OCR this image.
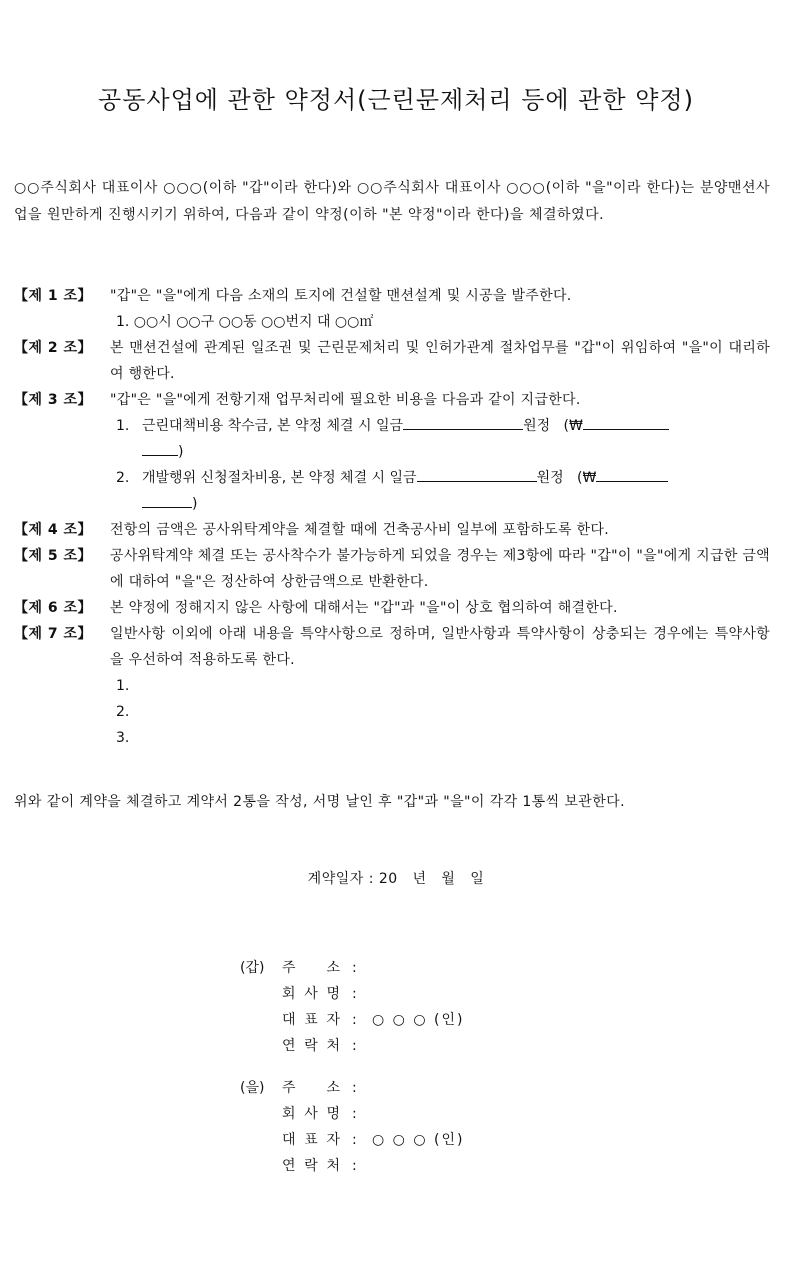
공동사업에 관한 약정서(근린문제처리 등에 관한 약정)

○○주식회사 대표이사 ○○○(이하 "갑"이라 한다)와 ○○주식회사 대표이사 ○○○(이하 "을"이라 한다)는 분양맨션사업을 원만하게 진행시키기 위하여, 다음과 같이 약정(이하 "본 약정"이라 한다)을 체결하였다.

【제 1 조】	"갑"은 "을"에게 다음 소재의 토지에 건설할 맨션설계 및 시공을 발주한다.
1. ○○시 ○○구 ○○동 ○○번지 대 ○○㎡
【제 2 조】	본 맨션건설에 관계된 일조권 및 근린문제처리 및 인허가관계 절차업무를 "갑"이 위임하여 "을"이 대리하여 행한다.
【제 3 조】	"갑"은 "을"에게 전항기재 업무처리에 필요한 비용을 다음과 같이 지급한다.
1. 근린대책비용 착수금, 본 약정 체결 시 일금	원정 (₩
)
2. 개발행위 신청절차비용, 본 약정 체결 시 일금	원정 (₩
)
【제 4 조】	전항의 금액은 공사위탁계약을 체결할 때에 건축공사비 일부에 포함하도록 한다.
【제 5 조】	공사위탁계약 체결 또는 공사착수가 불가능하게 되었을 경우는 제3항에 따라 "갑"이 "을"에게 지급한 금액에 대하여 "을"은 정산하여 상한금액으로 반환한다.
【제 6 조】	본 약정에 정해지지 않은 사항에 대해서는 "갑"과 "을"이 상호 협의하여 해결한다.
【제 7 조】	일반사항 이외에 아래 내용을 특약사항으로 정하며, 일반사항과 특약사항이 상충되는 경우에는 특약사항을 우선하여 적용하도록 한다.
1.
2.
3.

위와 같이 계약을 체결하고 계약서 2통을 작성, 서명 날인 후 "갑"과 "을"이 각각 1통씩 보관한다.

계약일자 : 20   년   월   일
(갑)	주 소 :
회 사 명 :
대 표 자 :	○ ○ ○ (인)
연 락 처 :
(을)	주 소 :
회 사 명 :
대 표 자 :	○ ○ ○ (인)
연 락 처 :
